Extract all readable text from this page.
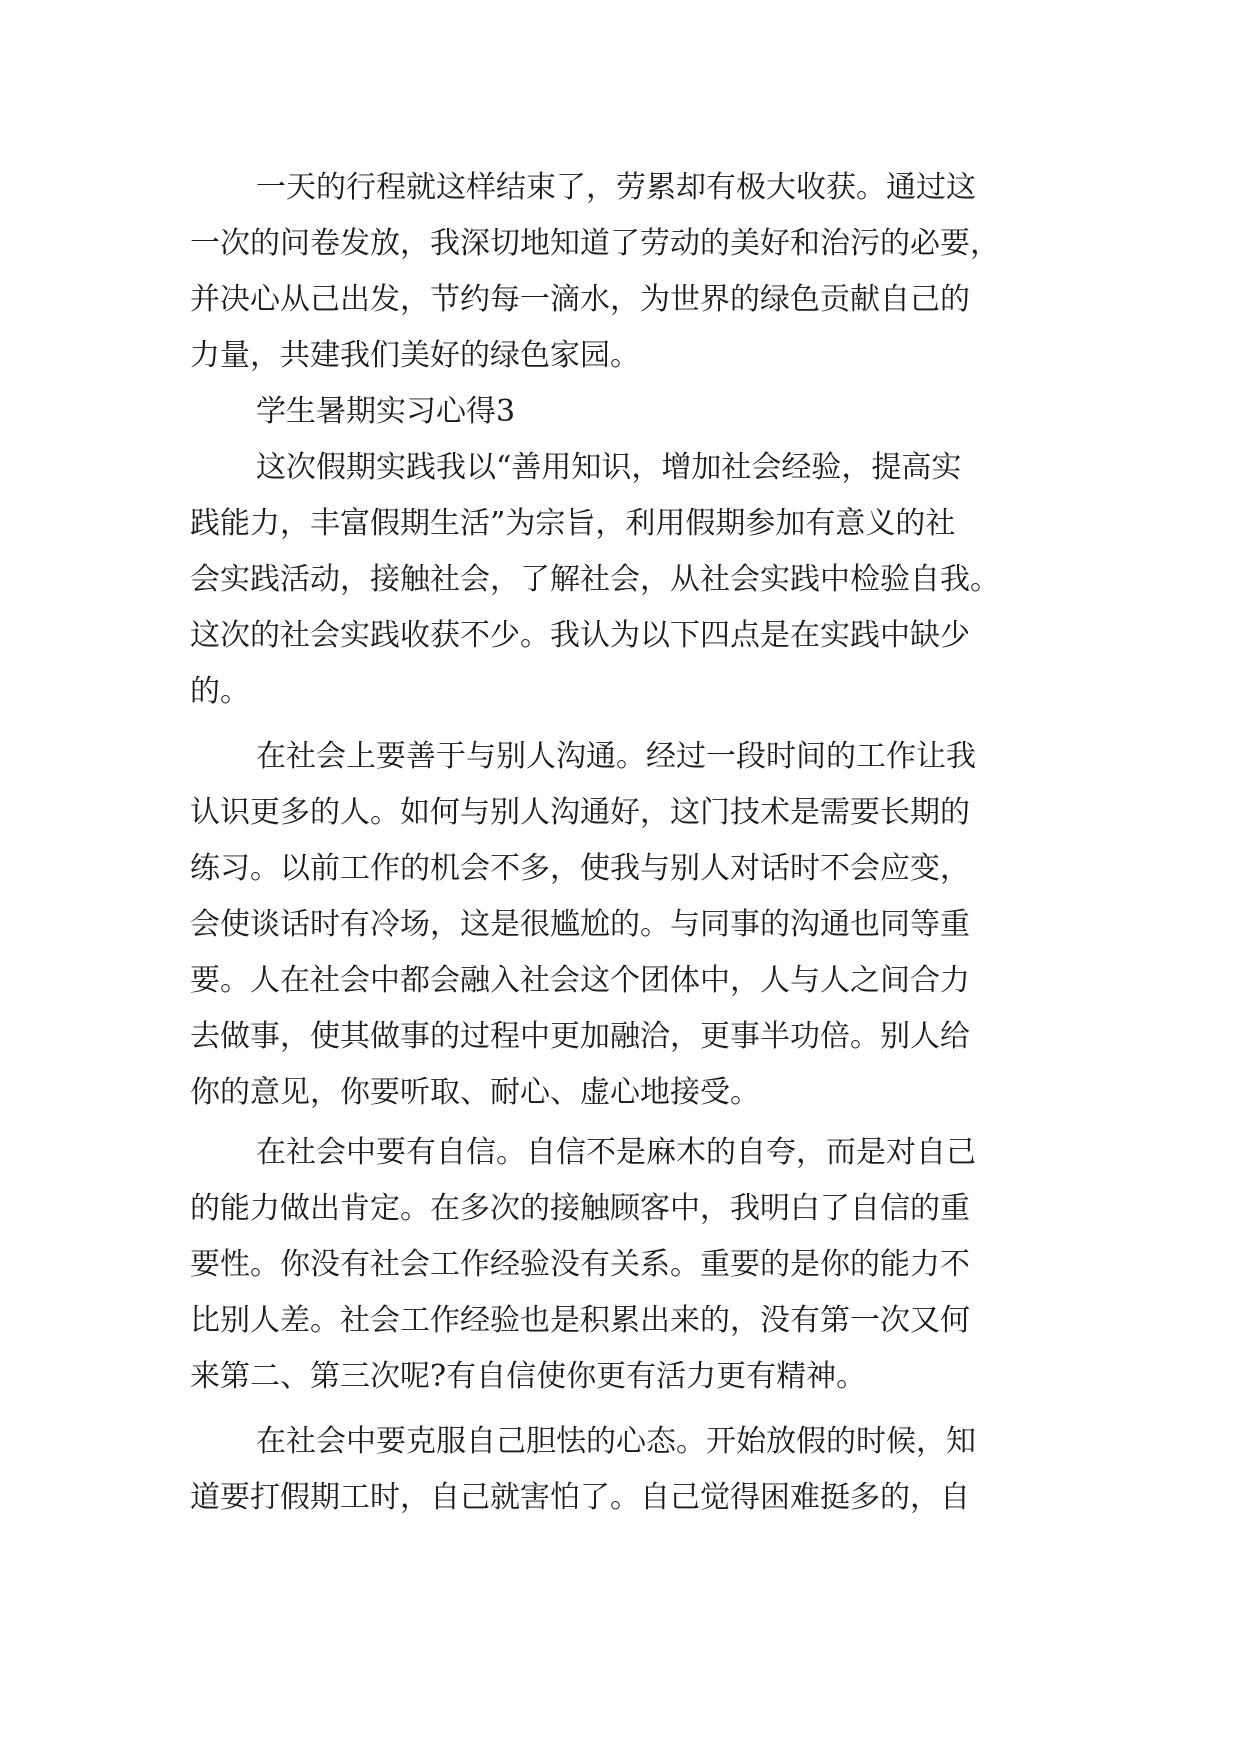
一天的行程就这样结束了，劳累却有极大收获。通过这
一次的问卷发放，我深切地知道了劳动的美好和治污的必要，
并决心从己出发，节约每一滴水，为世界的绿色贡献自己的
力量，共建我们美好的绿色家园。
学生暑期实习心得3
这次假期实践我以“善用知识，增加社会经验，提高实
践能力，丰富假期生活”为宗旨，利用假期参加有意义的社
会实践活动，接触社会，了解社会，从社会实践中检验自我。
这次的社会实践收获不少。我认为以下四点是在实践中缺少
的。
在社会上要善于与别人沟通。经过一段时间的工作让我
认识更多的人。如何与别人沟通好，这门技术是需要长期的
练习。以前工作的机会不多，使我与别人对话时不会应变，
会使谈话时有冷场，这是很尴尬的。与同事的沟通也同等重
要。人在社会中都会融入社会这个团体中，人与人之间合力
去做事，使其做事的过程中更加融洽，更事半功倍。别人给
你的意见，你要听取、耐心、虚心地接受。
在社会中要有自信。自信不是麻木的自夸，而是对自己
的能力做出肯定。在多次的接触顾客中，我明白了自信的重
要性。你没有社会工作经验没有关系。重要的是你的能力不
比别人差。社会工作经验也是积累出来的，没有第一次又何
来第二、第三次呢?有自信使你更有活力更有精神。
在社会中要克服自己胆怯的心态。开始放假的时候，知
道要打假期工时，自己就害怕了。自己觉得困难挺多的，自
